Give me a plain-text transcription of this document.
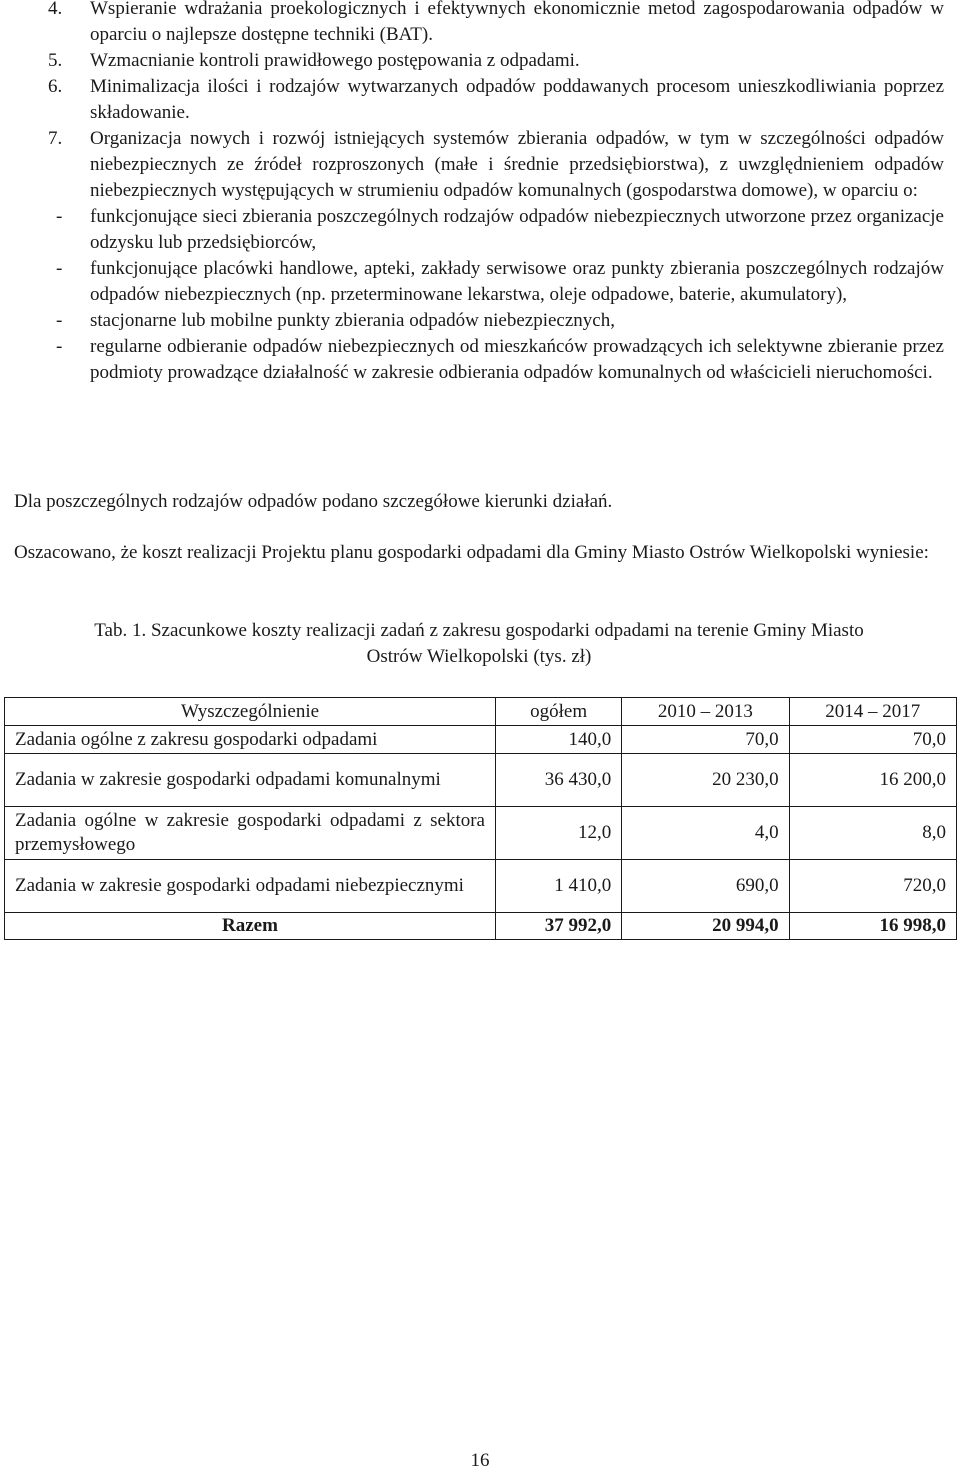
4.	Wspieranie wdrażania proekologicznych i efektywnych ekonomicznie metod zagospodarowania odpadów w oparciu o najlepsze dostępne techniki (BAT).
5.	Wzmacnianie kontroli prawidłowego postępowania z odpadami.
6.	Minimalizacja ilości i rodzajów wytwarzanych odpadów poddawanych procesom unieszkodliwiania poprzez składowanie.
7.	Organizacja nowych i rozwój istniejących systemów zbierania odpadów, w tym w szczególności odpadów niebezpiecznych ze źródeł rozproszonych (małe i średnie przedsiębiorstwa), z uwzględnieniem odpadów niebezpiecznych występujących w strumieniu odpadów komunalnych (gospodarstwa domowe), w oparciu o:
- funkcjonujące sieci zbierania poszczególnych rodzajów odpadów niebezpiecznych utworzone przez organizacje odzysku lub przedsiębiorców,
- funkcjonujące placówki handlowe, apteki, zakłady serwisowe oraz punkty zbierania poszczególnych rodzajów odpadów niebezpiecznych (np. przeterminowane lekarstwa, oleje odpadowe, baterie, akumulatory),
- stacjonarne lub mobilne punkty zbierania odpadów niebezpiecznych,
- regularne odbieranie odpadów niebezpiecznych od mieszkańców prowadzących ich selektywne zbieranie przez podmioty prowadzące działalność w zakresie odbierania odpadów komunalnych od właścicieli nieruchomości.

Dla poszczególnych rodzajów odpadów podano szczegółowe kierunki działań.

Oszacowano, że koszt realizacji Projektu planu gospodarki odpadami dla Gminy Miasto Ostrów Wielkopolski wyniesie:

Tab. 1. Szacunkowe koszty realizacji zadań z zakresu gospodarki odpadami na terenie Gminy Miasto

Ostrów Wielkopolski (tys. zł)

Wyszczególnienie	ogółem	2010 – 2013	2014 – 2017
Zadania ogólne z zakresu gospodarki odpadami	140,0	70,0	70,0
Zadania w zakresie gospodarki odpadami komunalnymi	36 430,0	20 230,0	16 200,0
Zadania ogólne w zakresie gospodarki odpadami z sektora przemysłowego	12,0	4,0	8,0
Zadania w zakresie gospodarki odpadami niebezpiecznymi	1 410,0	690,0	720,0
Razem	37 992,0	20 994,0	16 998,0
16
